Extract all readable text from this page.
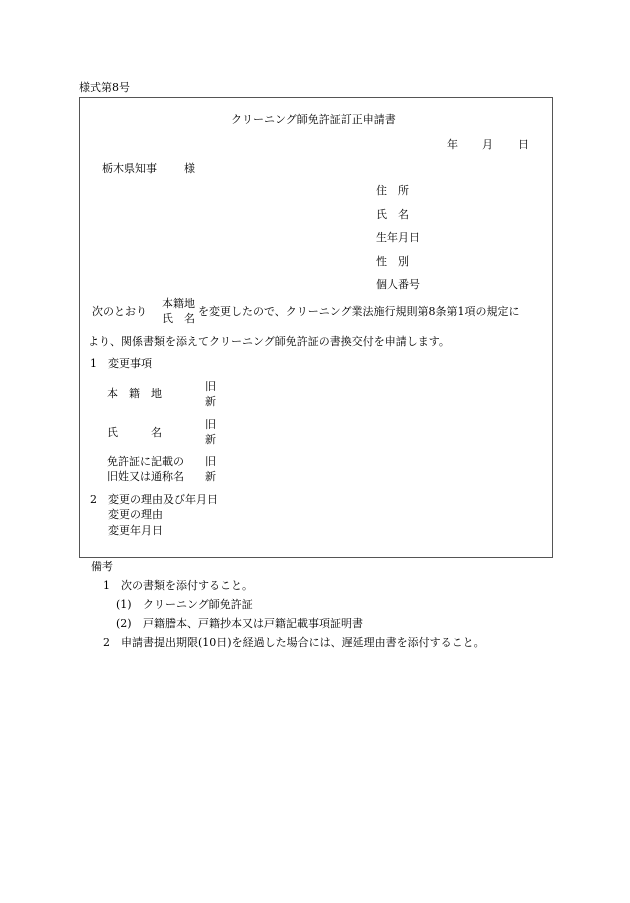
様式第8号
クリーニング師免許証訂正申請書
年 月 日
栃木県知事 様
住　所
氏　名
生年月日
性　別
個人番号
次のとおり
本籍地
氏　名
を変更したので、クリーニング業法施行規則第8条第1項の規定に
より、関係書類を添えてクリーニング師免許証の書換交付を申請します。
1 変更事項
本　籍　地
旧
新
氏　　　名
旧
新
免許証に記載の
旧姓又は通称名
旧
新
2 変更の理由及び年月日
変更の理由
変更年月日
備考
1 次の書類を添付すること。
(1) クリーニング師免許証
(2) 戸籍謄本、戸籍抄本又は戸籍記載事項証明書
2 申請書提出期限(10日)を経過した場合には、遅延理由書を添付すること。
